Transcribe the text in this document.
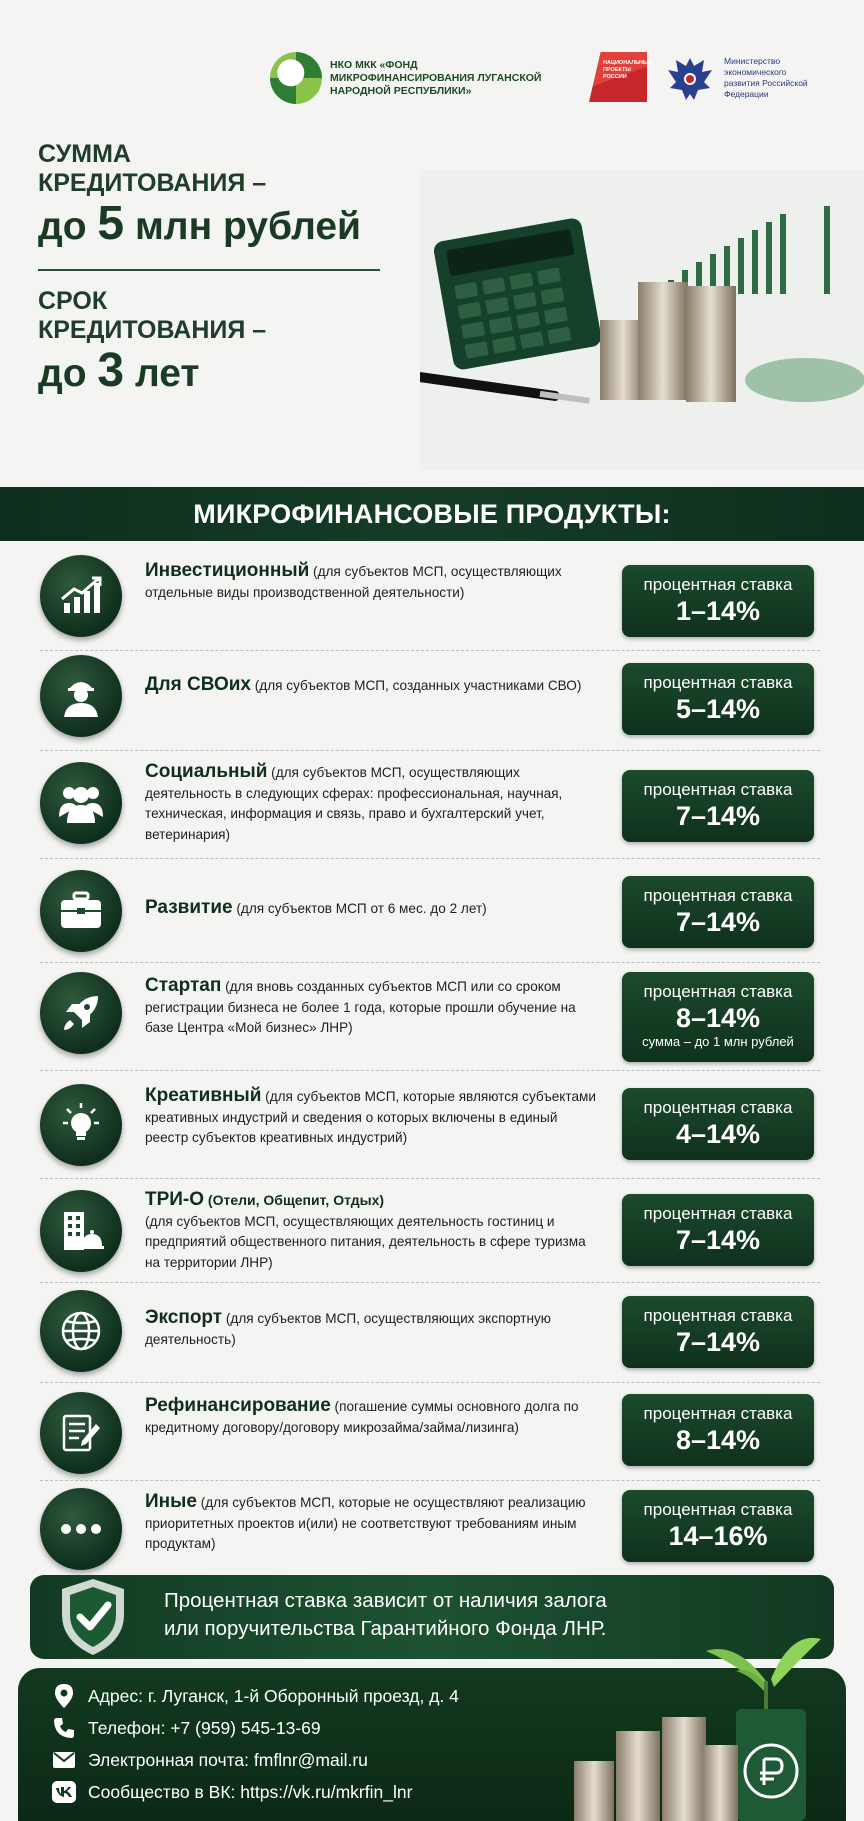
НКО МКК «ФОНД МИКРОФИНАНСИРОВАНИЯ ЛУГАНСКОЙ НАРОДНОЙ РЕСПУБЛИКИ»
НАЦИОНАЛЬНЫЕ ПРОЕКТЫ РОССИИ
Министерство экономического развития Российской Федерации
СУММА
КРЕДИТОВАНИЯ –
до 5 млн рублей
СРОК
КРЕДИТОВАНИЯ –
до 3 лет
МИКРОФИНАНСОВЫЕ ПРОДУКТЫ:
Инвестиционный (для субъектов МСП, осуществляющих отдельные виды производственной деятельности)	процентная ставка
1–14%
Для СВОих (для субъектов МСП, созданных участниками СВО)	процентная ставка
5–14%
Социальный (для субъектов МСП, осуществляющих деятельность в следующих сферах: профессиональная, научная, техническая, информация и связь, право и бухгалтерский учет, ветеринария)
процентная ставка
7–14%
Развитие (для субъектов МСП от 6 мес. до 2 лет)
процентная ставка
7–14%
Стартап (для вновь созданных субъектов МСП или со сроком регистрации бизнеса не более 1 года, которые прошли обучение на базе Центра «Мой бизнес» ЛНР)
процентная ставка
8–14%
сумма – до 1 млн рублей
Креативный (для субъектов МСП, которые являются субъектами креативных индустрий и сведения о которых включены в единый реестр субъектов креативных индустрий)
процентная ставка
4–14%
ТРИ-О (Отели, Общепит, Отдых)
(для субъектов МСП, осуществляющих деятельность гостиниц и предприятий общественного питания, деятельность в сфере туризма на территории ЛНР)
процентная ставка
7–14%
Экспорт (для субъектов МСП, осуществляющих экспортную деятельность)
процентная ставка
7–14%
Рефинансирование (погашение суммы основного долга по кредитному договору/договору микрозайма/займа/лизинга)
процентная ставка
8–14%
Иные (для субъектов МСП, которые не осуществляют реализацию приоритетных проектов и(или) не соответствуют требованиям иным продуктам)
процентная ставка
14–16%
Процентная ставка зависит от наличия залога
или поручительства Гарантийного Фонда ЛНР.
Адрес: г. Луганск, 1-й Оборонный проезд, д. 4
Телефон: +7 (959) 545-13-69
Электронная почта: fmflnr@mail.ru
Сообщество в ВК: https://vk.ru/mkrfin_lnr
